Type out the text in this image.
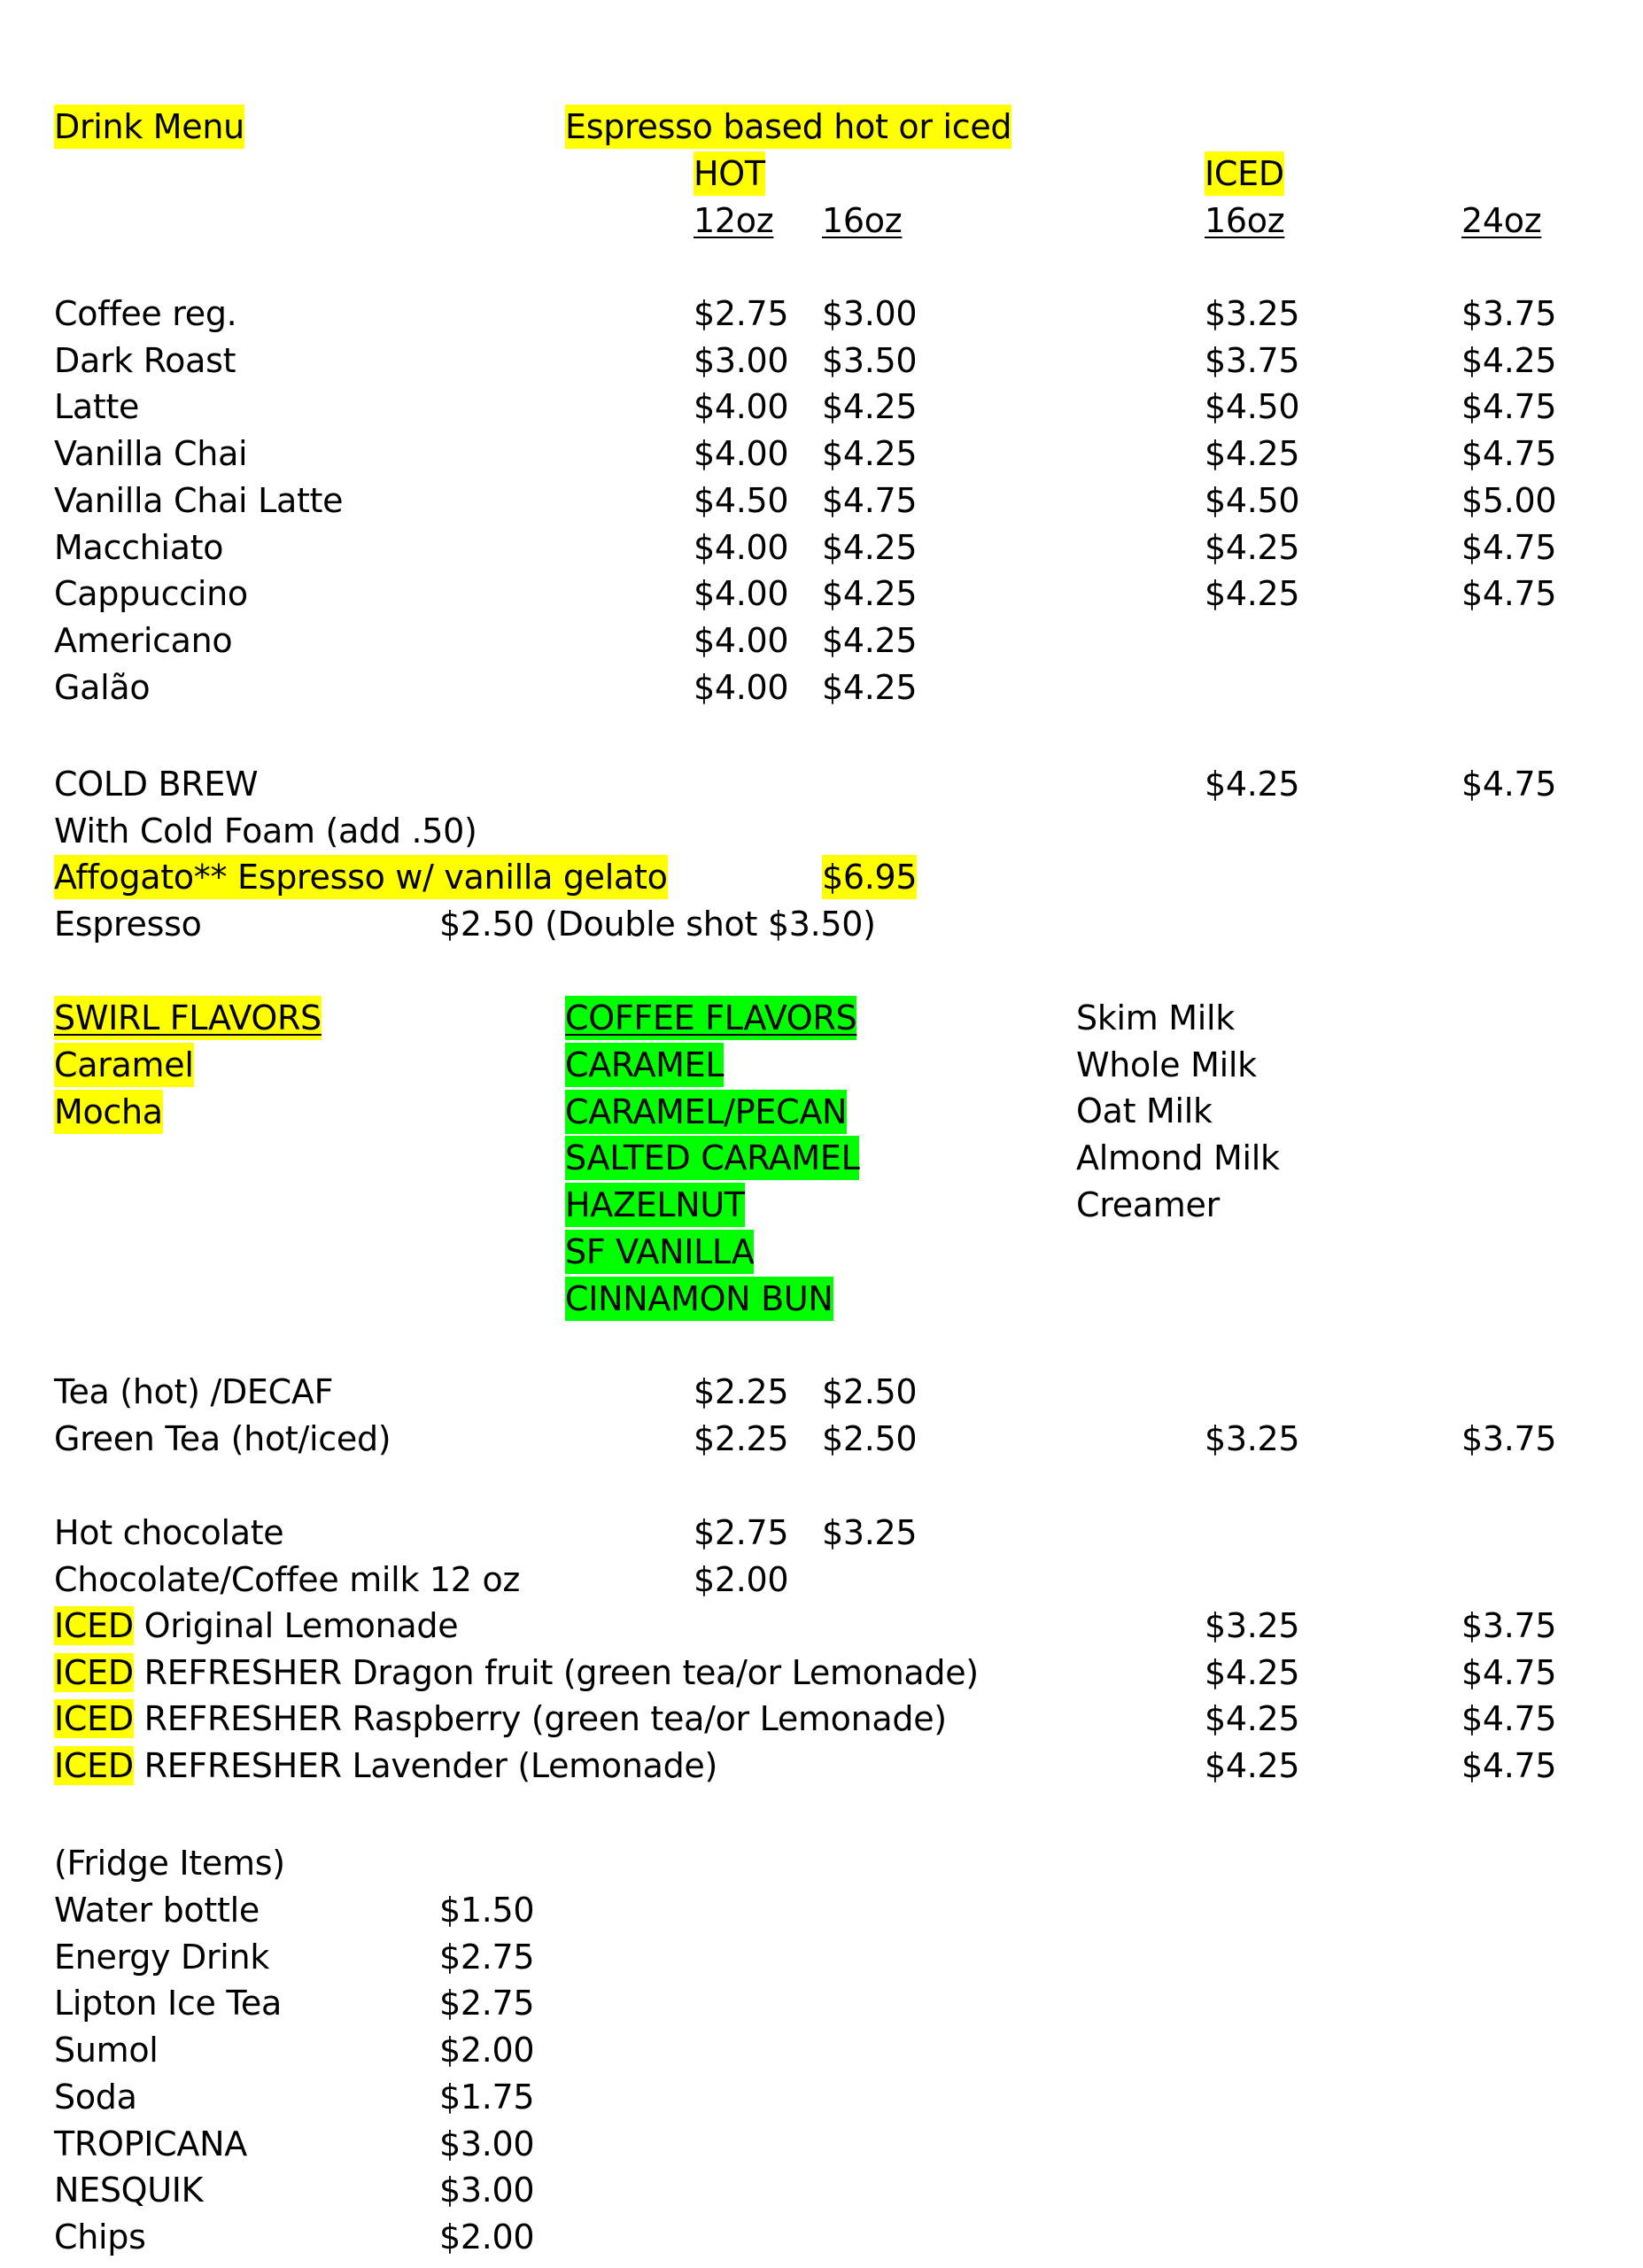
Drink Menu	Espresso based hot or iced
HOT	ICED
12oz 16oz	16oz	24oz
Coffee reg.	$2.75 $3.00	$3.25	$3.75
Dark Roast	$3.00 $3.50	$3.75	$4.25
Latte	$4.00 $4.25	$4.50	$4.75
Vanilla Chai	$4.00 $4.25	$4.25	$4.75
Vanilla Chai Latte	$4.50 $4.75	$4.50	$5.00
Macchiato	$4.00 $4.25	$4.25	$4.75
Cappuccino	$4.00 $4.25	$4.25	$4.75
Americano	$4.00 $4.25
Galão	$4.00 $4.25
COLD BREW	$4.25	$4.75
With Cold Foam (add .50)
Affogato** Espresso w/ vanilla gelato	$6.95
Espresso	$2.50 (Double shot $3.50)
SWIRL FLAVORS
Caramel
Mocha
COFFEE FLAVORS
CARAMEL
CARAMEL/PECAN
SALTED CARAMEL
HAZELNUT
SF VANILLA
CINNAMON BUN
Skim Milk
Whole Milk
Oat Milk
Almond Milk
Creamer
Tea (hot) /DECAF	$2.25 $2.50
Green Tea (hot/iced)	$2.25 $2.50	$3.25	$3.75
Hot chocolate	$2.75 $3.25
Chocolate/Coffee milk 12 oz	$2.00
ICED Original Lemonade	$3.25	$3.75
ICED REFRESHER Dragon fruit (green tea/or Lemonade)	$4.25	$4.75
ICED REFRESHER Raspberry (green tea/or Lemonade)	$4.25	$4.75
ICED REFRESHER Lavender (Lemonade)	$4.25	$4.75
(Fridge Items)
Water bottle	$1.50
Energy Drink	$2.75
Lipton Ice Tea	$2.75
Sumol	$2.00
Soda	$1.75
TROPICANA	$3.00
NESQUIK	$3.00
Chips	$2.00
